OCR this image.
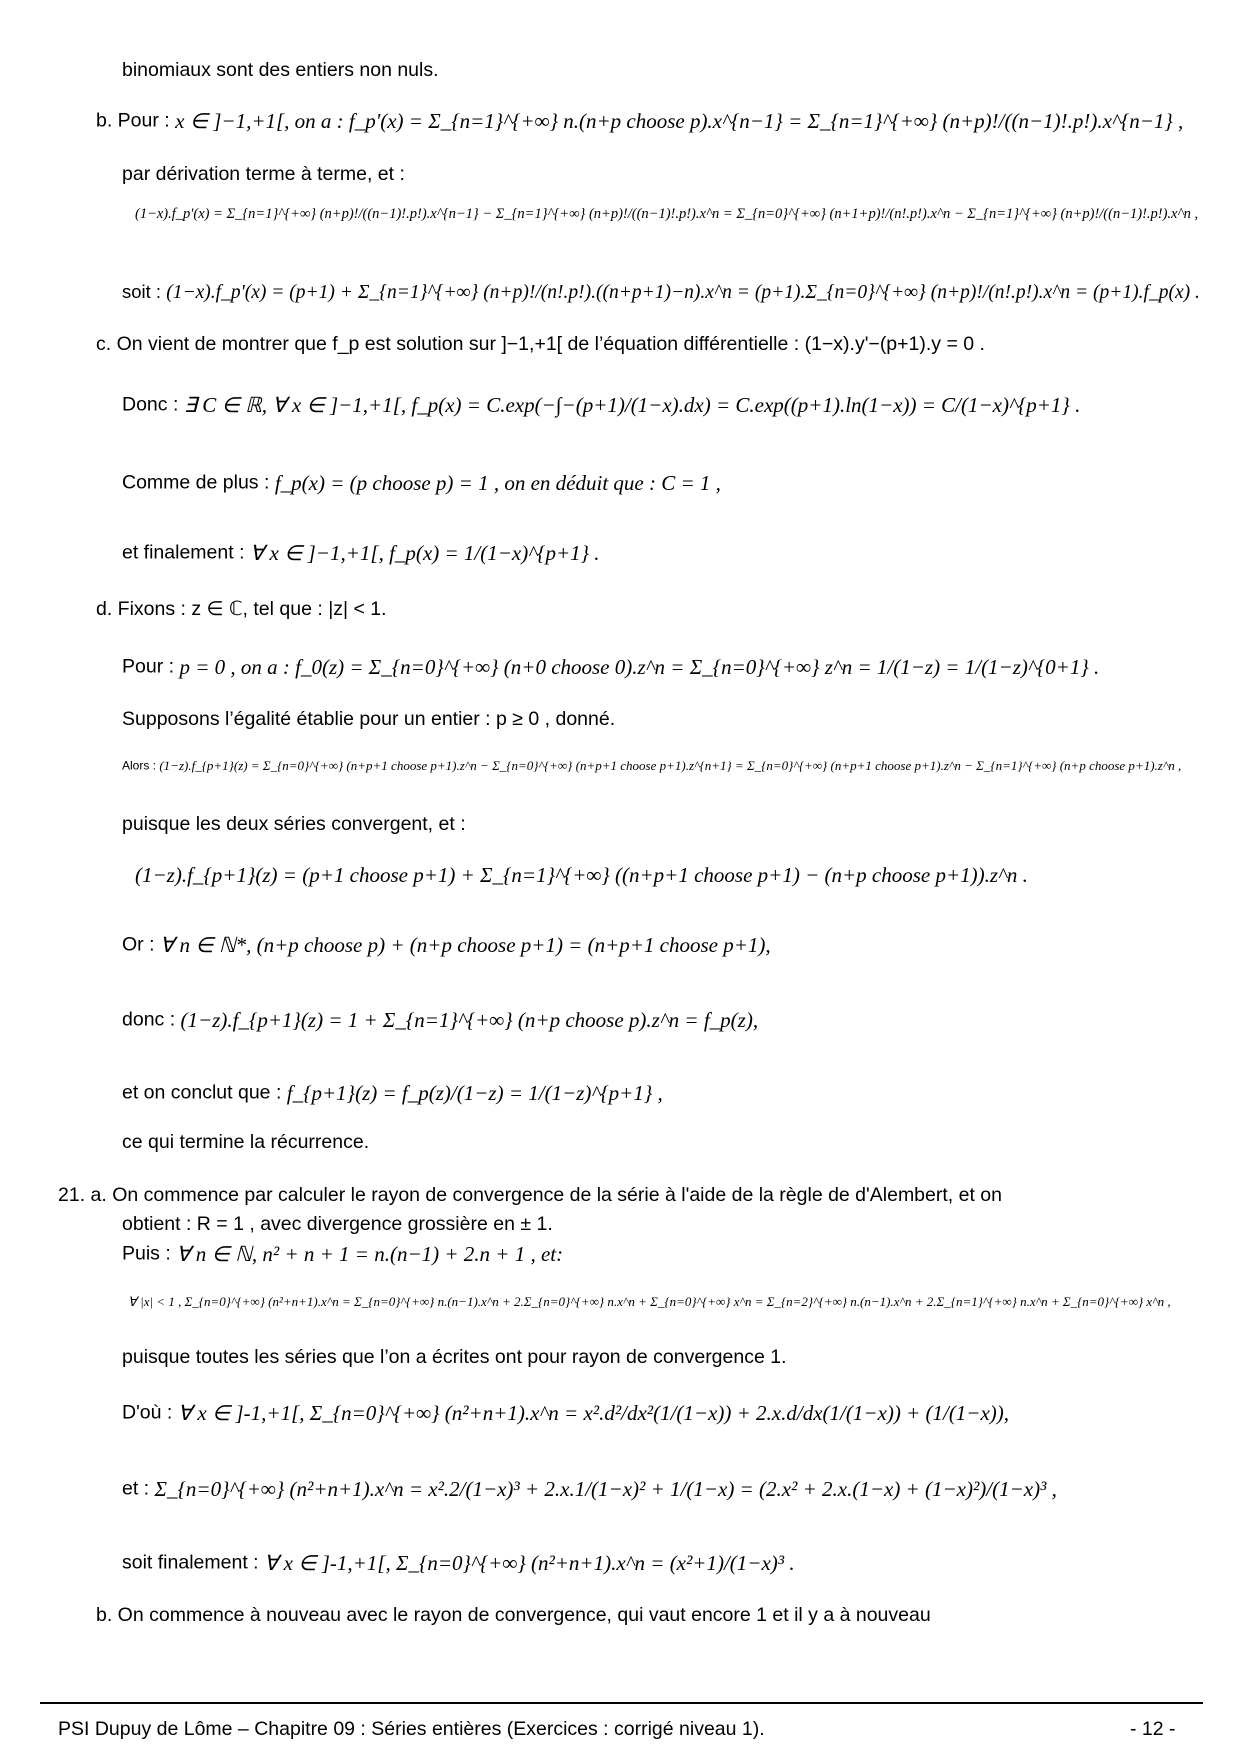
binomiaux sont des entiers non nuls.
b. Pour : x ∈ ]−1,+1[, on a : f_p'(x) = Σ_{n=1}^{+∞} n.(n+p choose p).x^{n−1} = Σ_{n=1}^{+∞} (n+p)!/((n−1)!.p!).x^{n−1} ,
par dérivation terme à terme, et :
(1−x).f_p'(x) = Σ_{n=1}^{+∞} (n+p)!/((n−1)!.p!).x^{n−1} − Σ_{n=1}^{+∞} (n+p)!/((n−1)!.p!).x^n = Σ_{n=0}^{+∞} (n+1+p)!/(n!.p!).x^n − Σ_{n=1}^{+∞} (n+p)!/((n−1)!.p!).x^n ,
soit : (1−x).f_p'(x) = (p+1) + Σ_{n=1}^{+∞} (n+p)!/(n!.p!).((n+p+1)−n).x^n = (p+1).Σ_{n=0}^{+∞} (n+p)!/(n!.p!).x^n = (p+1).f_p(x) .
c. On vient de montrer que f_p est solution sur ]−1,+1[ de l’équation différentielle : (1−x).y'−(p+1).y = 0 .
Donc : ∃ C ∈ ℝ, ∀ x ∈ ]−1,+1[, f_p(x) = C.exp(−∫−(p+1)/(1−x).dx) = C.exp((p+1).ln(1−x)) = C/(1−x)^{p+1} .
Comme de plus : f_p(x) = (p choose p) = 1 , on en déduit que : C = 1 ,
et finalement : ∀ x ∈ ]−1,+1[, f_p(x) = 1/(1−x)^{p+1} .
d. Fixons : z ∈ ℂ, tel que : |z| < 1.
Pour : p = 0 , on a : f_0(z) = Σ_{n=0}^{+∞} (n+0 choose 0).z^n = Σ_{n=0}^{+∞} z^n = 1/(1−z) = 1/(1−z)^{0+1} .
Supposons l’égalité établie pour un entier : p ≥ 0 , donné.
Alors : (1−z).f_{p+1}(z) = Σ_{n=0}^{+∞} (n+p+1 choose p+1).z^n − Σ_{n=0}^{+∞} (n+p+1 choose p+1).z^{n+1} = Σ_{n=0}^{+∞} (n+p+1 choose p+1).z^n − Σ_{n=1}^{+∞} (n+p choose p+1).z^n ,
puisque les deux séries convergent, et :
(1−z).f_{p+1}(z) = (p+1 choose p+1) + Σ_{n=1}^{+∞} ((n+p+1 choose p+1) − (n+p choose p+1)).z^n .
Or : ∀ n ∈ ℕ*, (n+p choose p) + (n+p choose p+1) = (n+p+1 choose p+1),
donc : (1−z).f_{p+1}(z) = 1 + Σ_{n=1}^{+∞} (n+p choose p).z^n = f_p(z),
et on conclut que : f_{p+1}(z) = f_p(z)/(1−z) = 1/(1−z)^{p+1} ,
ce qui termine la récurrence.
21. a. On commence par calculer le rayon de convergence de la série à l'aide de la règle de d'Alembert, et on
obtient : R = 1 , avec divergence grossière en ± 1.
Puis : ∀ n ∈ ℕ, n² + n + 1 = n.(n−1) + 2.n + 1 , et:
∀ |x| < 1 , Σ_{n=0}^{+∞} (n²+n+1).x^n = Σ_{n=0}^{+∞} n.(n−1).x^n + 2.Σ_{n=0}^{+∞} n.x^n + Σ_{n=0}^{+∞} x^n = Σ_{n=2}^{+∞} n.(n−1).x^n + 2.Σ_{n=1}^{+∞} n.x^n + Σ_{n=0}^{+∞} x^n ,
puisque toutes les séries que l’on a écrites ont pour rayon de convergence 1.
D'où : ∀ x ∈ ]-1,+1[, Σ_{n=0}^{+∞} (n²+n+1).x^n = x².d²/dx²(1/(1−x)) + 2.x.d/dx(1/(1−x)) + (1/(1−x)),
et : Σ_{n=0}^{+∞} (n²+n+1).x^n = x².2/(1−x)³ + 2.x.1/(1−x)² + 1/(1−x) = (2.x² + 2.x.(1−x) + (1−x)²)/(1−x)³ ,
soit finalement : ∀ x ∈ ]-1,+1[, Σ_{n=0}^{+∞} (n²+n+1).x^n = (x²+1)/(1−x)³ .
b. On commence à nouveau avec le rayon de convergence, qui vaut encore 1 et il y a à nouveau
PSI Dupuy de Lôme – Chapitre 09 : Séries entières (Exercices : corrigé niveau 1).	- 12 -
